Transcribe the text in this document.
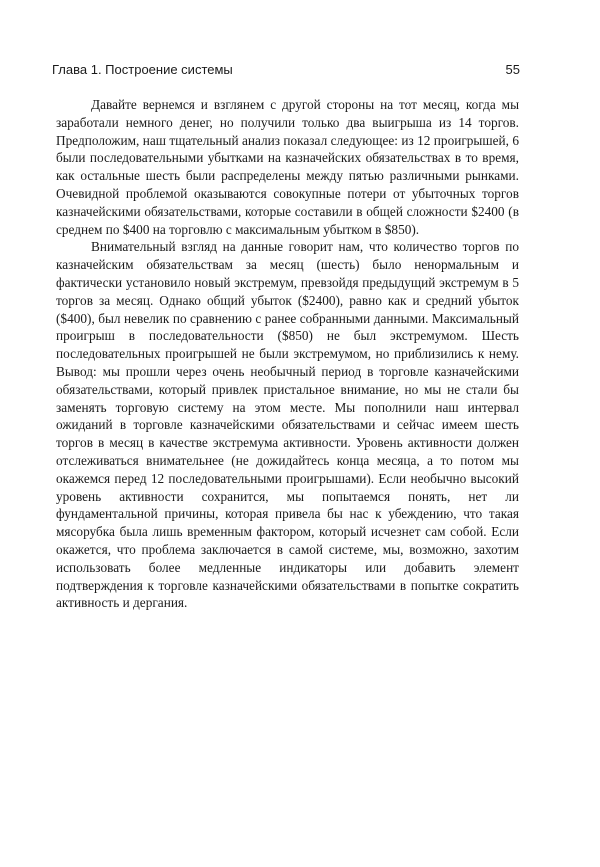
Глава 1. Построение системы	55

Давайте вернемся и взглянем с другой стороны на тот месяц, когда мы заработали немного денег, но получили только два выигрыша из 14 торгов. Предположим, наш тщательный анализ показал следующее: из 12 проигрышей, 6 были последовательными убытками на казначейских обязательствах в то время, как остальные шесть были распределены между пятью различными рынками. Очевидной проблемой оказываются совокупные потери от убыточных торгов казначейскими обязательствами, которые составили в общей сложности $2400 (в среднем по $400 на торговлю с максимальным убытком в $850).

Внимательный взгляд на данные говорит нам, что количество торгов по казначейским обязательствам за месяц (шесть) было ненормальным и фактически установило новый экстремум, превзойдя предыдущий экстремум в 5 торгов за месяц. Однако общий убыток ($2400), равно как и средний убыток ($400), был невелик по сравнению с ранее собранными данными. Максимальный проигрыш в последовательности ($850) не был экстремумом. Шесть последовательных проигрышей не были экстремумом, но приблизились к нему. Вывод: мы прошли через очень необычный период в торговле казначейскими обязательствами, который привлек пристальное внимание, но мы не стали бы заменять торговую систему на этом месте. Мы пополнили наш интервал ожиданий в торговле казначейскими обязательствами и сейчас имеем шесть торгов в месяц в качестве экстремума активности. Уровень активности должен отслеживаться внимательнее (не дожидайтесь конца месяца, а то потом мы окажемся перед 12 последовательными проигрышами). Если необычно высокий уровень активности сохранится, мы попытаемся понять, нет ли фундаментальной причины, которая привела бы нас к убеждению, что такая мясорубка была лишь временным фактором, который исчезнет сам собой. Если окажется, что проблема заключается в самой системе, мы, возможно, захотим использовать более медленные индикаторы или добавить элемент подтверждения к торговле казначейскими обязательствами в попытке сократить активность и дергания.
